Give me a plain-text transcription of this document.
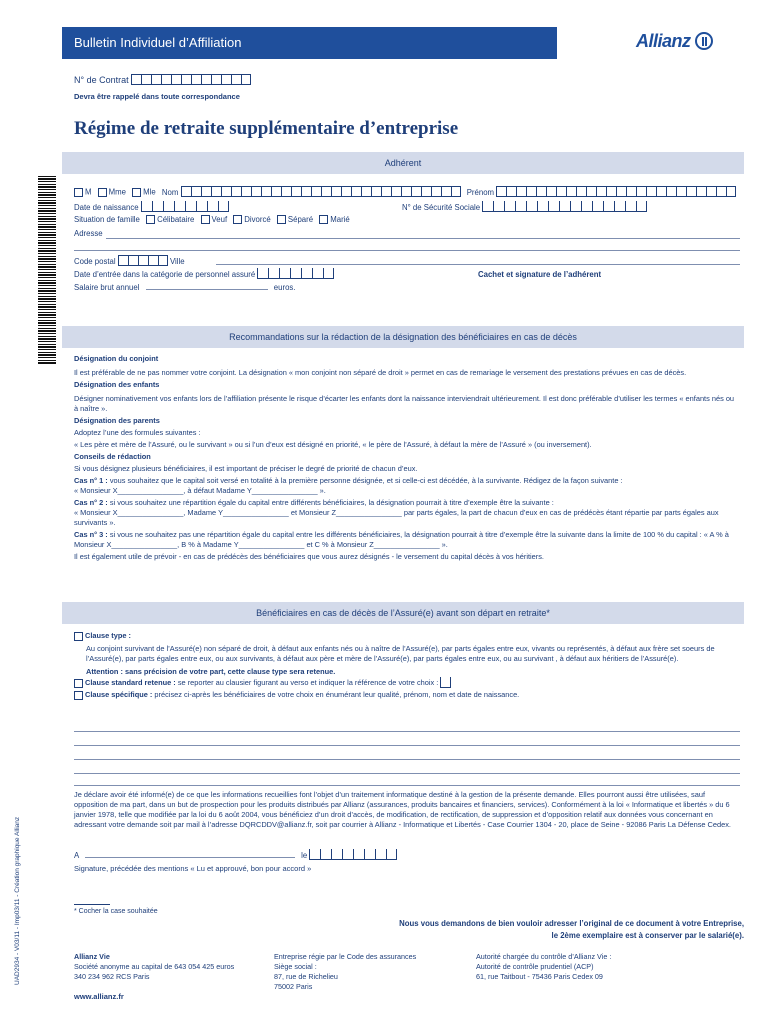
Bulletin Individuel d’Affiliation	Allianz
N° de Contrat
Devra être rappelé dans toute correspondance
Régime de retraite supplémentaire d’entreprise
Adhérent
M Mme Mle Nom	Prénom
Date de naissance	N° de Sécurité Sociale
Situation de famille Célibataire Veuf Divorcé Séparé Marié
Adresse
Code postal	Ville
Date d’entrée dans la catégorie de personnel assuré	Cachet et signature de l’adhérent
Salaire brut annuel	euros.
Recommandations sur la rédaction de la désignation des bénéficiaires en cas de décès
Désignation du conjoint
Il est préférable de ne pas nommer votre conjoint. La désignation « mon conjoint non séparé de droit » permet en cas de remariage le versement des prestations prévues en cas de décès.
Désignation des enfants
Désigner nominativement vos enfants lors de l’affiliation présente le risque d’écarter les enfants dont la naissance interviendrait ultérieurement. Il est donc préférable d’utiliser les termes « enfants nés ou à naître ».
Désignation des parents
Adoptez l’une des formules suivantes :
« Les père et mère de l’Assuré, ou le survivant » ou si l’un d’eux est désigné en priorité, « le père de l’Assuré, à défaut la mère de l’Assuré » (ou inversement).
Conseils de rédaction
Si vous désignez plusieurs bénéficiaires, il est important de préciser le degré de priorité de chacun d’eux.
Cas n° 1 : vous souhaitez que le capital soit versé en totalité à la première personne désignée, et si celle-ci est décédée, à la survivante. Rédigez de la façon suivante :
« Monsieur X________________, à défaut Madame Y________________ ».
Cas n° 2 : si vous souhaitez une répartition égale du capital entre différents bénéficiaires, la désignation pourrait à titre d’exemple être la suivante :
« Monsieur X________________, Madame Y________________ et Monsieur Z________________ par parts égales, la part de chacun d’eux en cas de prédécès étant répartie par parts égales aux survivants ».
Cas n° 3 : si vous ne souhaitez pas une répartition égale du capital entre les différents bénéficiaires, la désignation pourrait à titre d’exemple être la suivante dans la limite de 100 % du capital : « A % à Monsieur X________________, B % à Madame Y________________ et C % à Monsieur Z________________ ».
Il est également utile de prévoir - en cas de prédécès des bénéficiaires que vous aurez désignés - le versement du capital décès à vos héritiers.
Bénéficiaires en cas de décès de l’Assuré(e) avant son départ en retraite*
Clause type :
Au conjoint survivant de l’Assuré(e) non séparé de droit, à défaut aux enfants nés ou à naître de l’Assuré(e), par parts égales entre eux, vivants ou représentés, à défaut aux frère set soeurs de l’Assuré(e), par parts égales entre eux, ou aux survivants, à défaut aux père et mère de l’Assuré(e), par parts égales entre eux, ou au survivant , à défaut aux héritiers de l’Assuré(e).
Attention : sans précision de votre part, cette clause type sera retenue.
Clause standard retenue : se reporter au clausier figurant au verso et indiquer la référence de votre choix :
Clause spécifique : précisez ci-après les bénéficiaires de votre choix en énumérant leur qualité, prénom, nom et date de naissance.
Je déclare avoir été informé(e) de ce que les informations recueillies font l’objet d’un traitement informatique destiné à la gestion de la présente demande. Elles pourront aussi être utilisées, sauf opposition de ma part, dans un but de prospection pour les produits distribués par Allianz (assurances, produits bancaires et financiers, services). Conformément à la loi « Informatique et libertés » du 6 janvier 1978, telle que modifiée par la loi du 6 août 2004, vous bénéficiez d’un droit d’accès, de modification, de rectification, de suppression et d’opposition relatif aux données vous concernant en adressant votre demande soit par mail à l’adresse DQRCDDV@allianz.fr, soit par courrier à Allianz - Informatique et Libertés - Case Courrier 1304 - 20, place de Seine - 92086 Paris La Défense Cedex.
A	le
Signature, précédée des mentions « Lu et approuvé, bon pour accord »
* Cocher la case souhaitée
Nous vous demandons de bien vouloir adresser l’original de ce document à votre Entreprise,
le 2ème exemplaire est à conserver par le salarié(e).
Allianz Vie
Société anonyme au capital de 643 054 425 euros
340 234 962 RCS Paris
Entreprise régie par le Code des assurances
Siège social :
87, rue de Richelieu
75002 Paris
Autorité chargée du contrôle d’Allianz Vie :
Autorité de contrôle prudentiel (ACP)
61, rue Taitbout - 75436 Paris Cedex 09
www.allianz.fr
UAD2934 - V03/11 - Imp03/11 - Création graphique Allianz
